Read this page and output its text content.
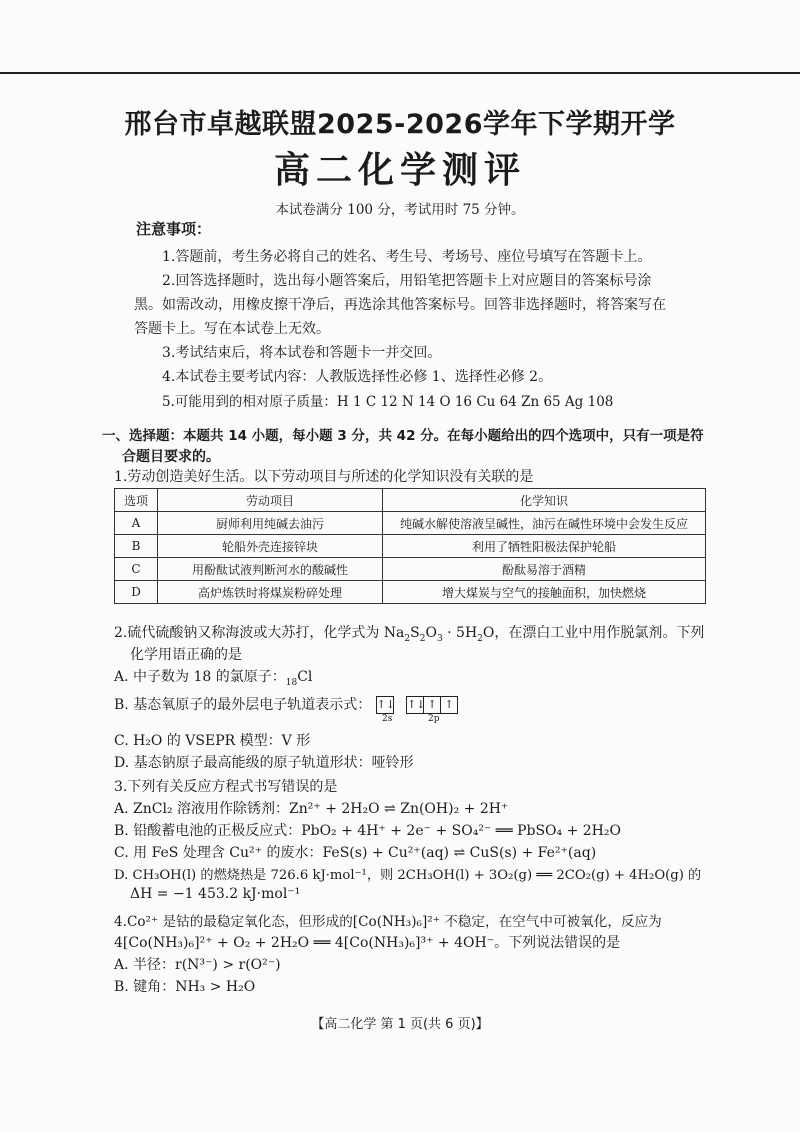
邢台市卓越联盟2025-2026学年下学期开学
高二化学测评
本试卷满分 100 分，考试用时 75 分钟。
注意事项：
1.答题前，考生务必将自己的姓名、考生号、考场号、座位号填写在答题卡上。
2.回答选择题时，选出每小题答案后，用铅笔把答题卡上对应题目的答案标号涂
黑。如需改动，用橡皮擦干净后，再选涂其他答案标号。回答非选择题时，将答案写在
答题卡上。写在本试卷上无效。
3.考试结束后，将本试卷和答题卡一并交回。
4.本试卷主要考试内容：人教版选择性必修 1、选择性必修 2。
5.可能用到的相对原子质量：H 1 C 12 N 14 O 16 Cu 64 Zn 65 Ag 108
一、选择题：本题共 14 小题，每小题 3 分，共 42 分。在每小题给出的四个选项中，只有一项是符
合题目要求的。
1.劳动创造美好生活。以下劳动项目与所述的化学知识没有关联的是
选项	劳动项目	化学知识
A	厨师利用纯碱去油污	纯碱水解使溶液呈碱性，油污在碱性环境中会发生反应
B	轮船外壳连接锌块	利用了牺牲阳极法保护轮船
C	用酚酞试液判断河水的酸碱性	酚酞易溶于酒精
D	高炉炼铁时将煤炭粉碎处理	增大煤炭与空气的接触面积，加快燃烧
2.硫代硫酸钠又称海波或大苏打，化学式为 $Na_2S_2O_3 \cdot 5H_2O$，在漂白工业中用作脱氯剂。下列
化学用语正确的是
A. 中子数为 18 的氯原子：$_{18}$Cl
B. 基态氧原子的最外层电子轨道表示式： ↑↓ ↑↓ ↑ ↑
2s	2p
C. H₂O 的 VSEPR 模型：V 形
D. 基态钠原子最高能级的原子轨道形状：哑铃形
3.下列有关反应方程式书写错误的是
A. ZnCl₂ 溶液用作除锈剂：Zn²⁺ + 2H₂O ⇌ Zn(OH)₂ + 2H⁺
B. 铅酸蓄电池的正极反应式：PbO₂ + 4H⁺ + 2e⁻ + SO₄²⁻ ══ PbSO₄ + 2H₂O
C. 用 FeS 处理含 Cu²⁺ 的废水：FeS(s) + Cu²⁺(aq) ⇌ CuS(s) + Fe²⁺(aq)
D. CH₃OH(l) 的燃烧热是 726.6 kJ·mol⁻¹，则 2CH₃OH(l) + 3O₂(g) ══ 2CO₂(g) + 4H₂O(g) 的
ΔH = −1 453.2 kJ·mol⁻¹
4.Co²⁺ 是钴的最稳定氧化态，但形成的[Co(NH₃)₆]²⁺ 不稳定，在空气中可被氧化，反应为
4[Co(NH₃)₆]²⁺ + O₂ + 2H₂O ══ 4[Co(NH₃)₆]³⁺ + 4OH⁻。下列说法错误的是
A. 半径：r(N³⁻) > r(O²⁻)
B. 键角：NH₃ > H₂O
【高二化学 第 1 页(共 6 页)】
